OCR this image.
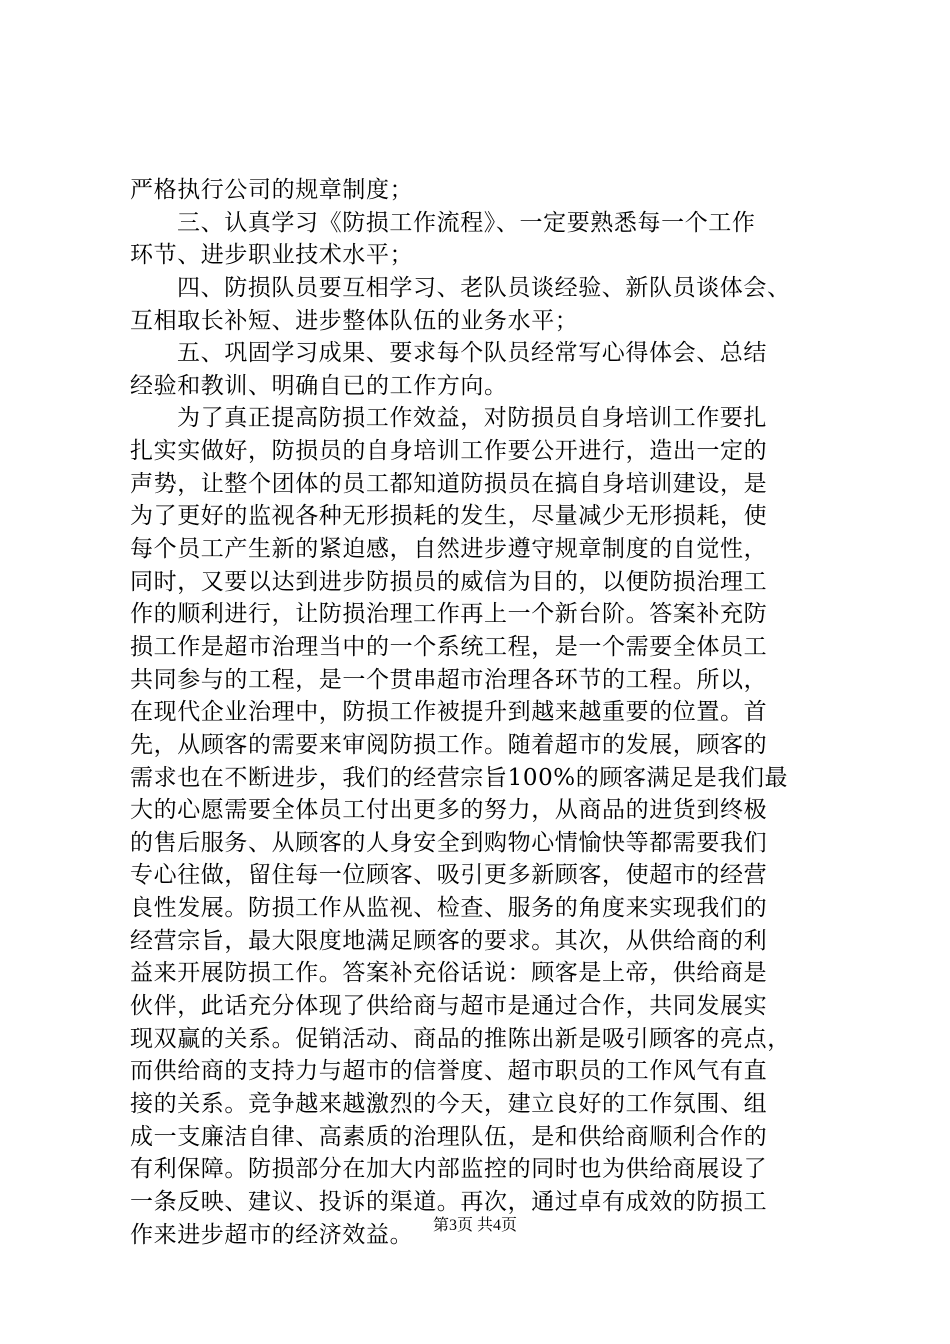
严格执行公司的规章制度；
三、认真学习《防损工作流程》、一定要熟悉每一个工作
环节、进步职业技术水平；
四、防损队员要互相学习、老队员谈经验、新队员谈体会、
互相取长补短、进步整体队伍的业务水平；
五、巩固学习成果、要求每个队员经常写心得体会、总结
经验和教训、明确自已的工作方向。
为了真正提高防损工作效益，对防损员自身培训工作要扎
扎实实做好，防损员的自身培训工作要公开进行，造出一定的
声势，让整个团体的员工都知道防损员在搞自身培训建设，是
为了更好的监视各种无形损耗的发生，尽量减少无形损耗，使
每个员工产生新的紧迫感，自然进步遵守规章制度的自觉性，
同时，又要以达到进步防损员的威信为目的，以便防损治理工
作的顺利进行，让防损治理工作再上一个新台阶。答案补充防
损工作是超市治理当中的一个系统工程，是一个需要全体员工
共同参与的工程，是一个贯串超市治理各环节的工程。所以，
在现代企业治理中，防损工作被提升到越来越重要的位置。首
先，从顾客的需要来审阅防损工作。随着超市的发展，顾客的
需求也在不断进步，我们的经营宗旨100%的顾客满足是我们最
大的心愿需要全体员工付出更多的努力，从商品的进货到终极
的售后服务、从顾客的人身安全到购物心情愉快等都需要我们
专心往做，留住每一位顾客、吸引更多新顾客，使超市的经营
良性发展。防损工作从监视、检查、服务的角度来实现我们的
经营宗旨，最大限度地满足顾客的要求。其次，从供给商的利
益来开展防损工作。答案补充俗话说：顾客是上帝，供给商是
伙伴，此话充分体现了供给商与超市是通过合作，共同发展实
现双赢的关系。促销活动、商品的推陈出新是吸引顾客的亮点，
而供给商的支持力与超市的信誉度、超市职员的工作风气有直
接的关系。竞争越来越激烈的今天，建立良好的工作氛围、组
成一支廉洁自律、高素质的治理队伍，是和供给商顺利合作的
有利保障。防损部分在加大内部监控的同时也为供给商展设了
一条反映、建议、投诉的渠道。再次，通过卓有成效的防损工
作来进步超市的经济效益。	第3页 共4页
